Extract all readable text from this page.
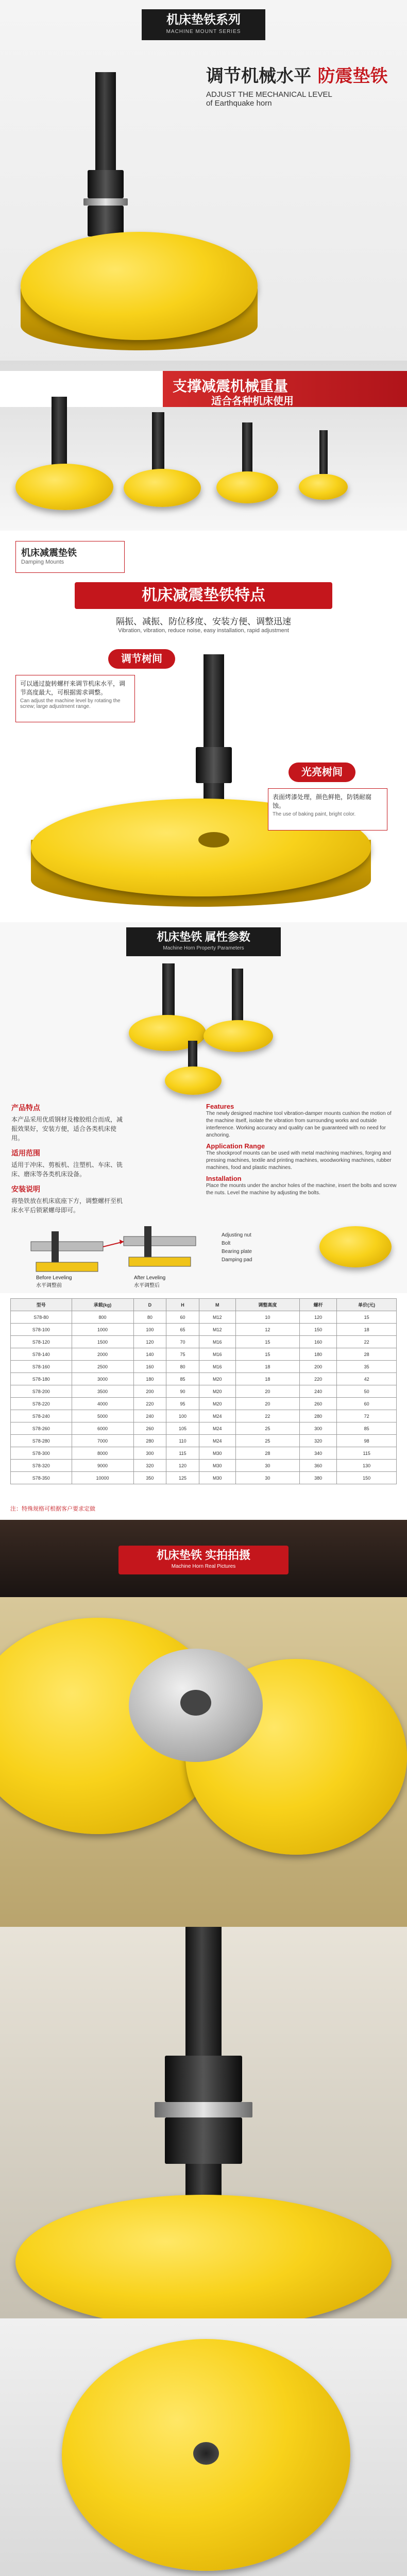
机床垫铁系列
MACHINE MOUNT SERIES
调节机械水平 防震垫铁
ADJUST THE MECHANICAL LEVEL
of Earthquake horn
支撑减震机械重量
适合各种机床使用
机床减震垫铁
Damping Mounts
机床减震垫铁特点
隔振、减振、防位移度、安装方便、调整迅速
Vibration, vibration, reduce noise, easy installation, rapid adjustment
调节树间
可以通过旋转螺杆来调节机床水平，调节高度最大，可根据需求调整。
Can adjust the machine level by rotating the screw; large adjustment range.
光亮树间
表面烤漆处理，颜色鲜艳，防锈耐腐蚀。
The use of baking paint, bright color.
机床垫铁 属性参数
Machine Horn Property Parameters
产品特点
本产品采用优质钢材及橡胶组合而成，减振效果好，安装方便，适合各类机床使用。
适用范围
适用于冲床、剪板机、注塑机、车床、铣床、磨床等各类机床设备。
安装说明
将垫铁放在机床底座下方，调整螺杆至机床水平后锁紧螺母即可。
Features
The newly designed machine tool vibration-damper mounts cushion the motion of the machine itself, isolate the vibration from surrounding works and outside interference. Working accuracy and quality can be guaranteed with no need for anchoring.
Application Range
The shockproof mounts can be used with metal machining machines, forging and pressing machines, textile and printing machines, woodworking machines, rubber machines, food and plastic machines.
Installation
Place the mounts under the anchor holes of the machine, insert the bolts and screw the nuts. Level the machine by adjusting the bolts.
Before Leveling	After Leveling
水平调整前	水平调整后
Adjusting nut
Bolt
Bearing plate
Damping pad
型号	承载(kg)	D	H	M	调整高度	螺杆	单价(元)
S78-80	800	80	60	M12	10	120	15
S78-100	1000	100	65	M12	12	150	18
S78-120	1500	120	70	M16	15	160	22
S78-140	2000	140	75	M16	15	180	28
S78-160	2500	160	80	M16	18	200	35
S78-180	3000	180	85	M20	18	220	42
S78-200	3500	200	90	M20	20	240	50
S78-220	4000	220	95	M20	20	260	60
S78-240	5000	240	100	M24	22	280	72
S78-260	6000	260	105	M24	25	300	85
S78-280	7000	280	110	M24	25	320	98
S78-300	8000	300	115	M30	28	340	115
S78-320	9000	320	120	M30	30	360	130
S78-350	10000	350	125	M30	30	380	150
注：特殊规格可根据客户要求定做
机床垫铁 实拍拍摄
Machine Horn Real Pictures
